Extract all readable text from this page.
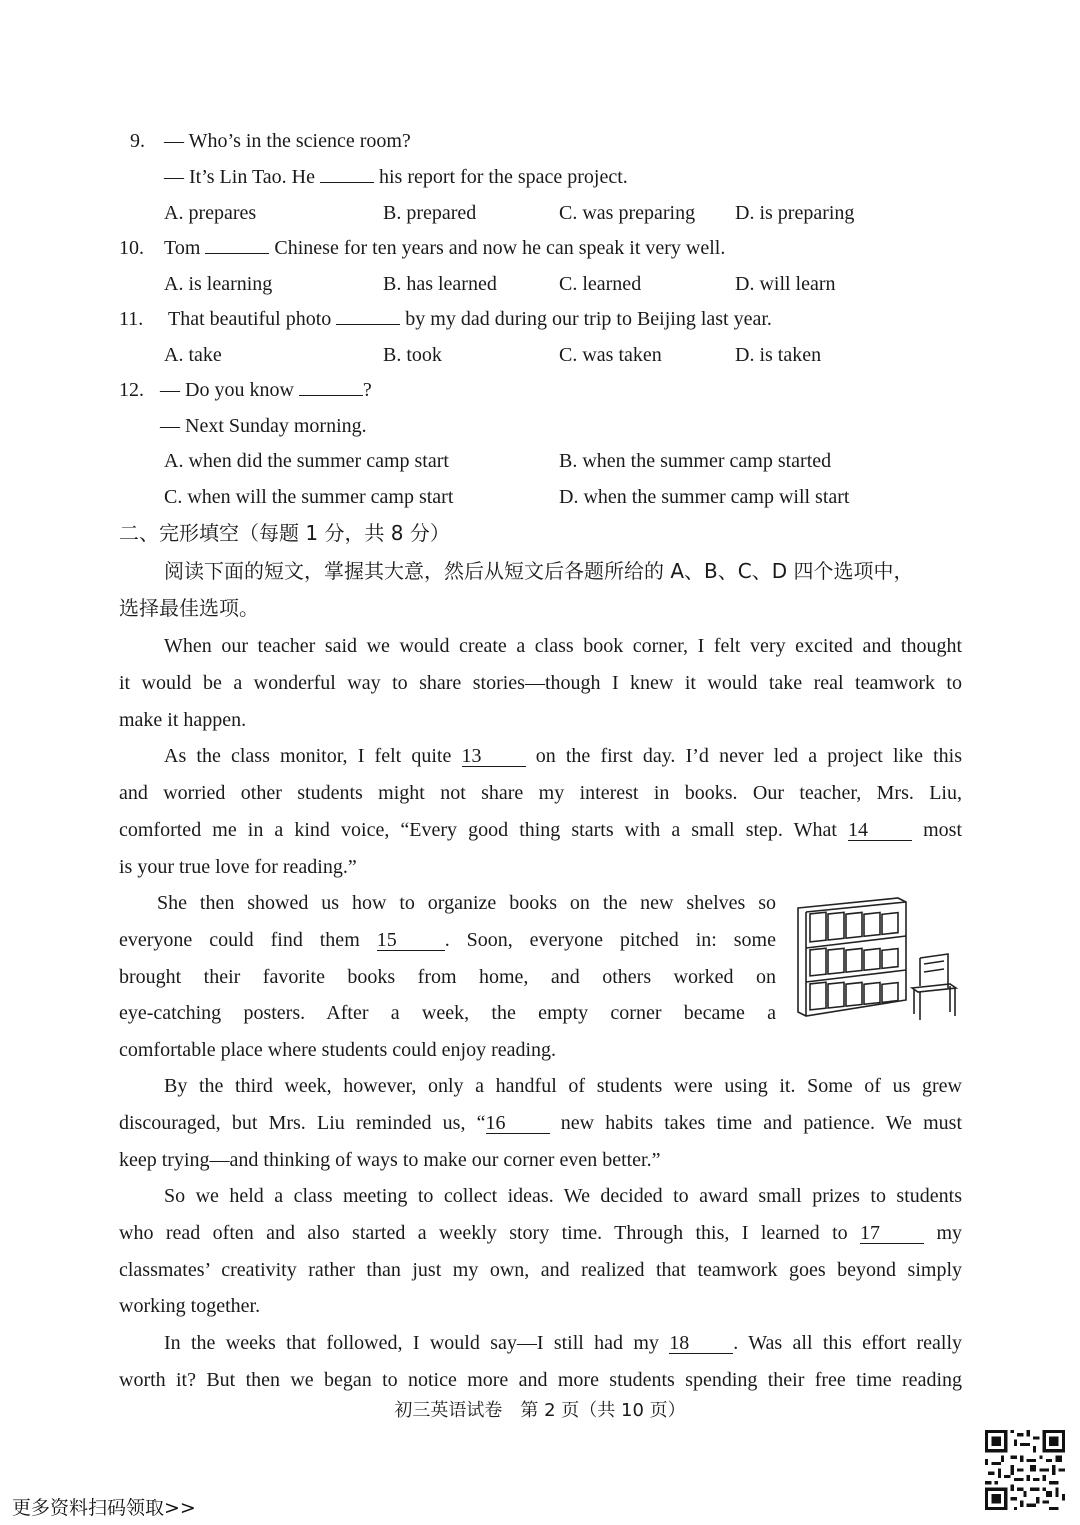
9. — Who’s in the science room?
— It’s Lin Tao. He	his report for the space project.
A. prepares	B. prepared	C. was preparing D. is preparing
10. Tom	Chinese for ten years and now he can speak it very well.
A. is learning	B. has learned	C. learned	D. will learn
11. That beautiful photo	by my dad during our trip to Beijing last year.
A. take	B. took	C. was taken	D. is taken
12. — Do you know	?
— Next Sunday morning.
A. when did the summer camp start	B. when the summer camp started
C. when will the summer camp start	D. when the summer camp will start
二、完形填空（每题 1 分，共 8 分）
阅读下面的短文，掌握其大意，然后从短文后各题所给的 A、B、C、D 四个选项中，
选择最佳选项。
When our teacher said we would create a class book corner, I felt very excited and thought
it would be a wonderful way to share stories—though I knew it would take real teamwork to
make it happen.
As the class monitor, I felt quite 13	on the first day. I’d never led a project like this
and worried other students might not share my interest in books. Our teacher, Mrs. Liu,
comforted me in a kind voice, “Every good thing starts with a small step. What 14	most
is your true love for reading.”
She then showed us how to organize books on the new shelves so
everyone could find them 15 . Soon, everyone pitched in: some
brought their favorite books from home, and others worked on
eye-catching posters. After a week, the empty corner became a
comfortable place where students could enjoy reading.
By the third week, however, only a handful of students were using it. Some of us grew
discouraged, but Mrs. Liu reminded us, “16	new habits takes time and patience. We must
keep trying—and thinking of ways to make our corner even better.”
So we held a class meeting to collect ideas. We decided to award small prizes to students
who read often and also started a weekly story time. Through this, I learned to 17	my
classmates’ creativity rather than just my own, and realized that teamwork goes beyond simply
working together.
In the weeks that followed, I would say—I still had my 18 . Was all this effort really
worth it? But then we began to notice more and more students spending their free time reading
初三英语试卷　第 2 页（共 10 页）
更多资料扫码领取>>
